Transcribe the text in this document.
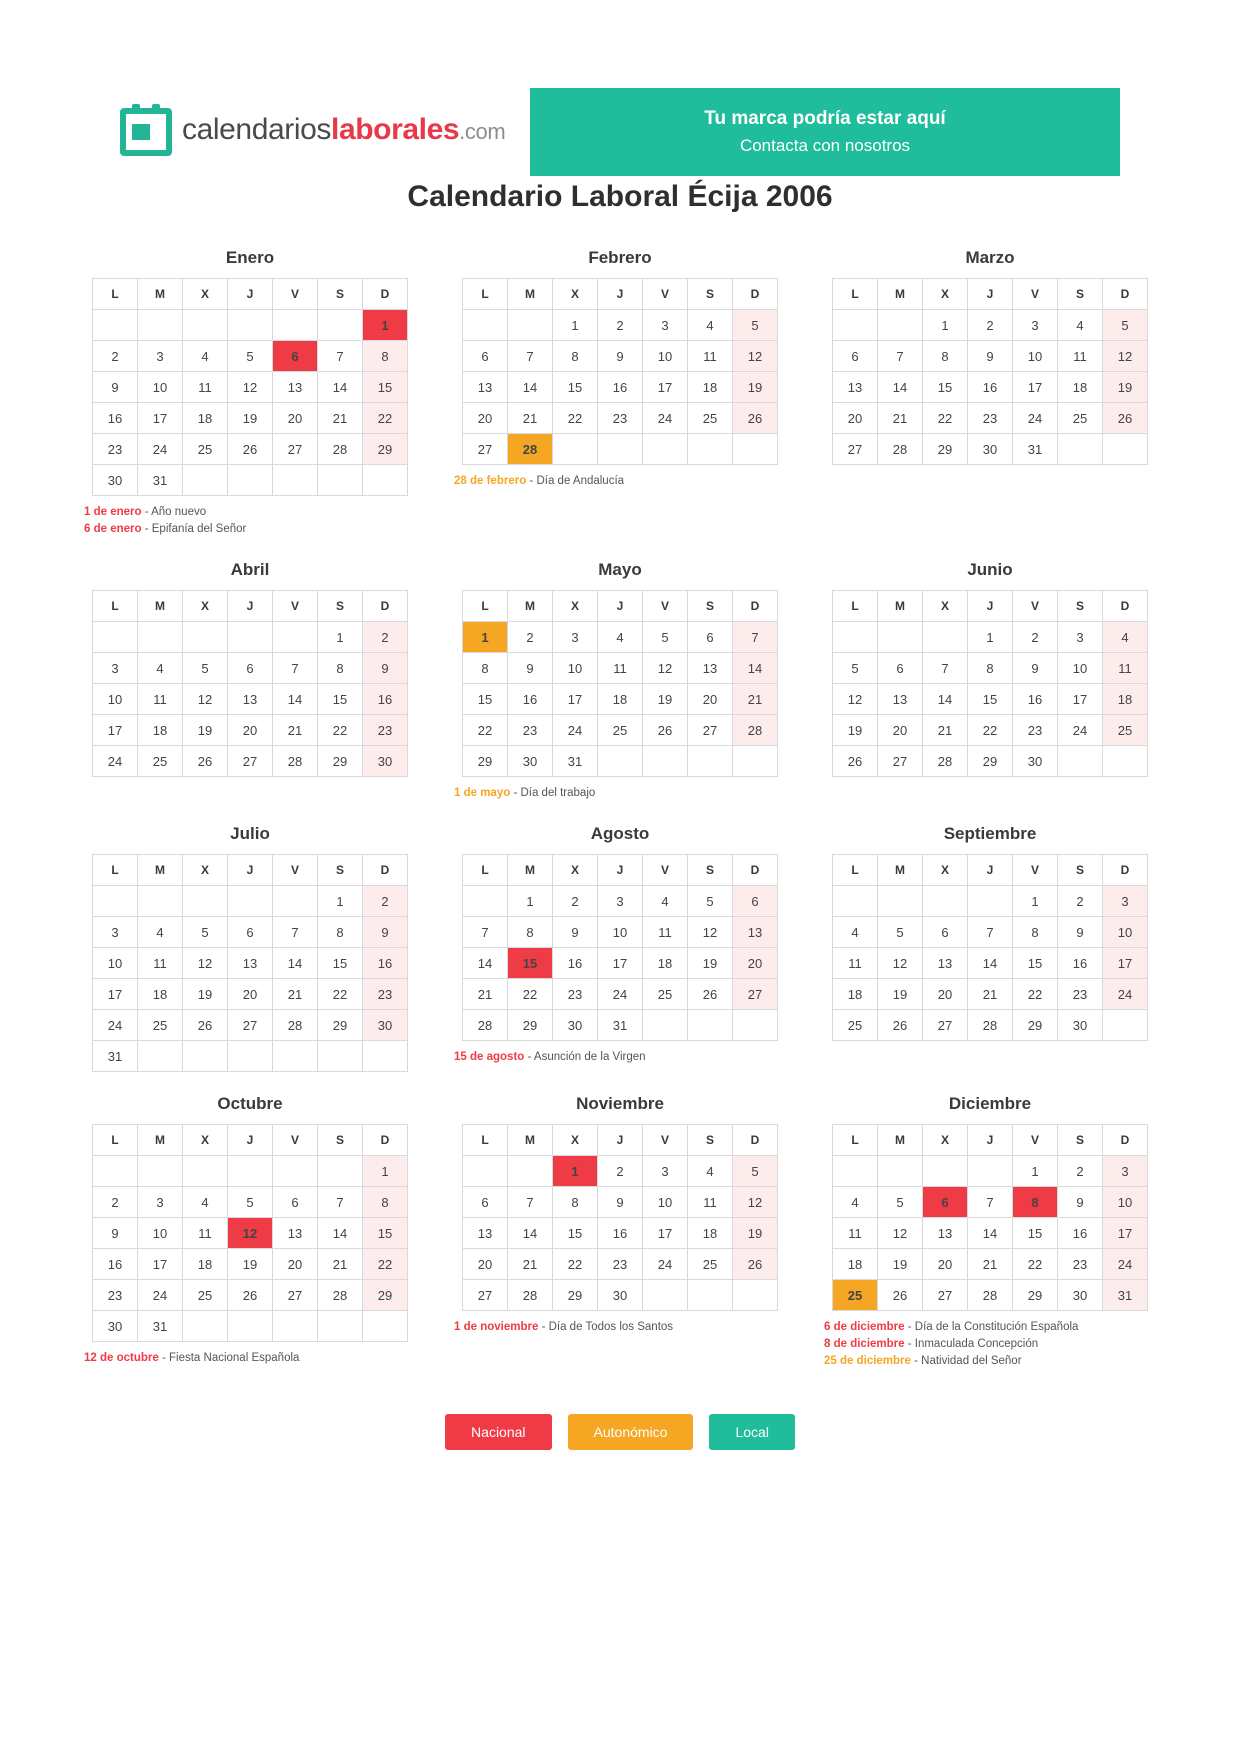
calendarioslaborales.com
Tu marca podría estar aquí
Contacta con nosotros
Calendario Laboral Écija 2006
Enero
L	M	X	J	V	S	D
						1
2	3	4	5	6	7	8
9	10	11	12	13	14	15
16	17	18	19	20	21	22
23	24	25	26	27	28	29
30	31					
1 de enero - Año nuevo
6 de enero - Epifanía del Señor
Febrero
L	M	X	J	V	S	D
		1	2	3	4	5
6	7	8	9	10	11	12
13	14	15	16	17	18	19
20	21	22	23	24	25	26
27	28					
28 de febrero - Día de Andalucía
Marzo
L	M	X	J	V	S	D
		1	2	3	4	5
6	7	8	9	10	11	12
13	14	15	16	17	18	19
20	21	22	23	24	25	26
27	28	29	30	31		
Abril
L	M	X	J	V	S	D
					1	2
3	4	5	6	7	8	9
10	11	12	13	14	15	16
17	18	19	20	21	22	23
24	25	26	27	28	29	30
Mayo
L	M	X	J	V	S	D
1	2	3	4	5	6	7
8	9	10	11	12	13	14
15	16	17	18	19	20	21
22	23	24	25	26	27	28
29	30	31				
1 de mayo - Día del trabajo
Junio
L	M	X	J	V	S	D
			1	2	3	4
5	6	7	8	9	10	11
12	13	14	15	16	17	18
19	20	21	22	23	24	25
26	27	28	29	30		
Julio
L	M	X	J	V	S	D
					1	2
3	4	5	6	7	8	9
10	11	12	13	14	15	16
17	18	19	20	21	22	23
24	25	26	27	28	29	30
31						
Agosto
L	M	X	J	V	S	D
	1	2	3	4	5	6
7	8	9	10	11	12	13
14	15	16	17	18	19	20
21	22	23	24	25	26	27
28	29	30	31			
15 de agosto - Asunción de la Virgen
Septiembre
L	M	X	J	V	S	D
				1	2	3
4	5	6	7	8	9	10
11	12	13	14	15	16	17
18	19	20	21	22	23	24
25	26	27	28	29	30	
Octubre
L	M	X	J	V	S	D
						1
2	3	4	5	6	7	8
9	10	11	12	13	14	15
16	17	18	19	20	21	22
23	24	25	26	27	28	29
30	31					
12 de octubre - Fiesta Nacional Española
Noviembre
L	M	X	J	V	S	D
		1	2	3	4	5
6	7	8	9	10	11	12
13	14	15	16	17	18	19
20	21	22	23	24	25	26
27	28	29	30			
1 de noviembre - Día de Todos los Santos
Diciembre
L	M	X	J	V	S	D
				1	2	3
4	5	6	7	8	9	10
11	12	13	14	15	16	17
18	19	20	21	22	23	24
25	26	27	28	29	30	31
6 de diciembre - Día de la Constitución Española
8 de diciembre - Inmaculada Concepción
25 de diciembre - Natividad del Señor
Nacional	Autonómico	Local
